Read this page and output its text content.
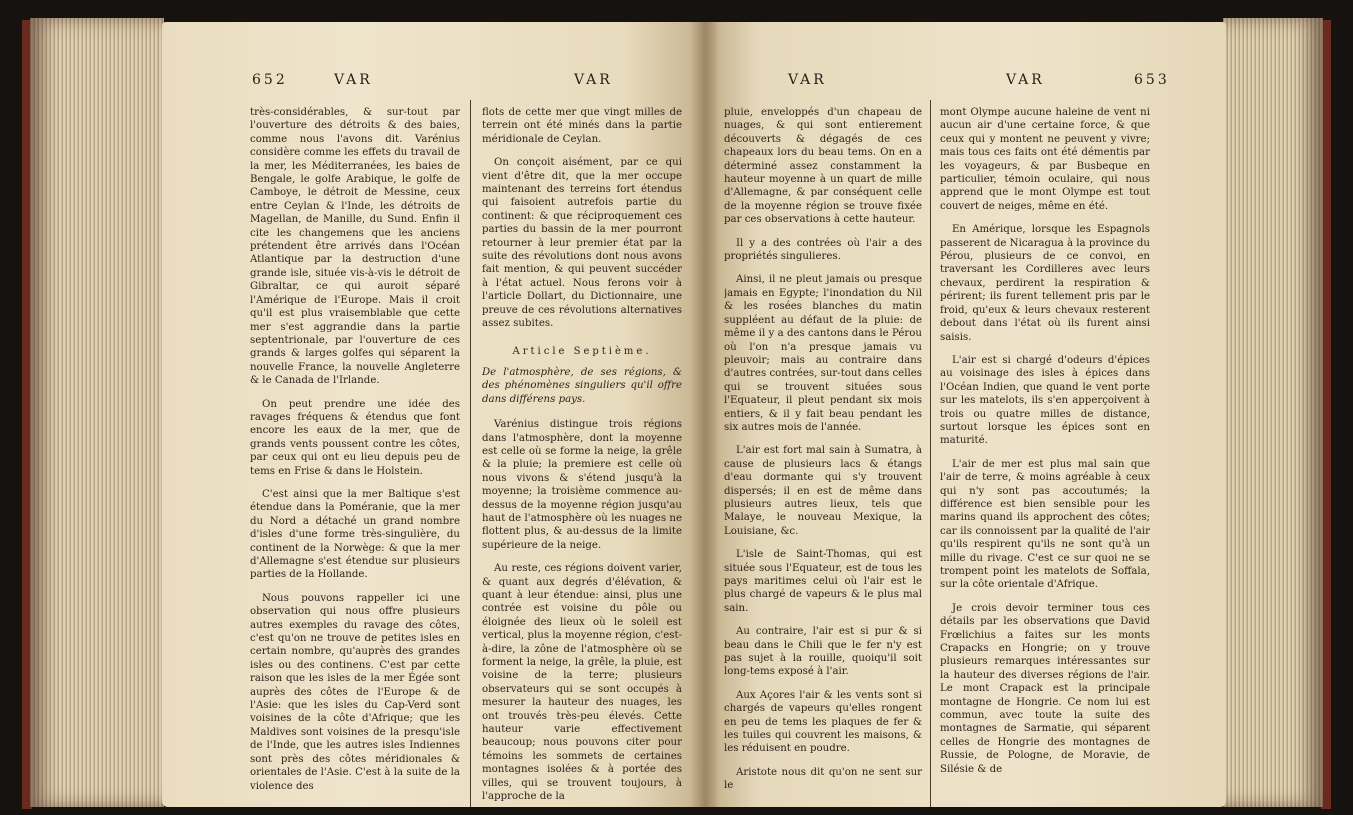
652	VAR	VAR

très-considérables, & sur-tout par l'ouverture des détroits & des baies, comme nous l'avons dit. Varénius considère comme les effets du travail de la mer, les Méditerranées, les baies de Bengale, le golfe Arabique, le golfe de Camboye, le détroit de Messine, ceux entre Ceylan & l'Inde, les détroits de Magellan, de Manille, du Sund. Enfin il cite les changemens que les anciens prétendent être arrivés dans l'Océan Atlantique par la destruction d'une grande isle, située vis-à-vis le détroit de Gibraltar, ce qui auroit séparé l'Amérique de l'Europe. Mais il croit qu'il est plus vraisemblable que cette mer s'est aggrandie dans la partie septentrionale, par l'ouverture de ces grands & larges golfes qui séparent la nouvelle France, la nouvelle Angleterre & le Canada de l'Irlande.

On peut prendre une idée des ravages fréquens & étendus que font encore les eaux de la mer, que de grands vents poussent contre les côtes, par ceux qui ont eu lieu depuis peu de tems en Frise & dans le Holstein.

C'est ainsi que la mer Baltique s'est étendue dans la Poméranie, que la mer du Nord a détaché un grand nombre d'isles d'une forme très-singulière, du continent de la Norwège: & que la mer d'Allemagne s'est étendue sur plusieurs parties de la Hollande.

Nous pouvons rappeller ici une observation qui nous offre plusieurs autres exemples du ravage des côtes, c'est qu'on ne trouve de petites isles en certain nombre, qu'auprès des grandes isles ou des continens. C'est par cette raison que les isles de la mer Égée sont auprès des côtes de l'Europe & de l'Asie: que les isles du Cap-Verd sont voisines de la côte d'Afrique; que les Maldives sont voisines de la presqu'isle de l'Inde, que les autres isles Indiennes sont près des côtes méridionales & orientales de l'Asie. C'est à la suite de la violence des

flots de cette mer que vingt milles de terrein ont été minés dans la partie méridionale de Ceylan.

On conçoit aisément, par ce qui vient d'être dit, que la mer occupe maintenant des terreins fort étendus qui faisoient autrefois partie du continent: & que réciproquement ces parties du bassin de la mer pourront retourner à leur premier état par la suite des révolutions dont nous avons fait mention, & qui peuvent succéder à l'état actuel. Nous ferons voir à l'article Dollart, du Dictionnaire, une preuve de ces révolutions alternatives assez subites.

Article Septième.

De l'atmosphère, de ses régions, & des phénomènes singuliers qu'il offre dans différens pays.

Varénius distingue trois régions dans l'atmosphère, dont la moyenne est celle où se forme la neige, la grêle & la pluie; la premiere est celle où nous vivons & s'étend jusqu'à la moyenne; la troisième commence au-dessus de la moyenne région jusqu'au haut de l'atmosphère où les nuages ne flottent plus, & au-dessus de la limite supérieure de la neige.

Au reste, ces régions doivent varier, & quant aux degrés d'élévation, & quant à leur étendue: ainsi, plus une contrée est voisine du pôle ou éloignée des lieux où le soleil est vertical, plus la moyenne région, c'est-à-dire, la zône de l'atmosphère où se forment la neige, la grêle, la pluie, est voisine de la terre; plusieurs observateurs qui se sont occupés à mesurer la hauteur des nuages, les ont trouvés très-peu élevés. Cette hauteur varie effectivement beaucoup; nous pouvons citer pour témoins les sommets de certaines montagnes isolées & à portée des villes, qui se trouvent toujours, à l'approche de la

VAR	VAR	653

pluie, enveloppés d'un chapeau de nuages, & qui sont entierement découverts & dégagés de ces chapeaux lors du beau tems. On en a déterminé assez constamment la hauteur moyenne à un quart de mille d'Allemagne, & par conséquent celle de la moyenne région se trouve fixée par ces observations à cette hauteur.

Il y a des contrées où l'air a des propriétés singulieres.

Ainsi, il ne pleut jamais ou presque jamais en Egypte; l'inondation du Nil & les rosées blanches du matin suppléent au défaut de la pluie: de même il y a des cantons dans le Pérou où l'on n'a presque jamais vu pleuvoir; mais au contraire dans d'autres contrées, sur-tout dans celles qui se trouvent situées sous l'Equateur, il pleut pendant six mois entiers, & il y fait beau pendant les six autres mois de l'année.

L'air est fort mal sain à Sumatra, à cause de plusieurs lacs & étangs d'eau dormante qui s'y trouvent dispersés; il en est de même dans plusieurs autres lieux, tels que Malaye, le nouveau Mexique, la Louisiane, &c.

L'isle de Saint-Thomas, qui est située sous l'Equateur, est de tous les pays maritimes celui où l'air est le plus chargé de vapeurs & le plus mal sain.

Au contraire, l'air est si pur & si beau dans le Chili que le fer n'y est pas sujet à la rouille, quoiqu'il soit long-tems exposé à l'air.

Aux Açores l'air & les vents sont si chargés de vapeurs qu'elles rongent en peu de tems les plaques de fer & les tuiles qui couvrent les maisons, & les réduisent en poudre.

Aristote nous dit qu'on ne sent sur le

mont Olympe aucune haleine de vent ni aucun air d'une certaine force, & que ceux qui y montent ne peuvent y vivre; mais tous ces faits ont été démentis par les voyageurs, & par Busbeque en particulier, témoin oculaire, qui nous apprend que le mont Olympe est tout couvert de neiges, même en été.

En Amérique, lorsque les Espagnols passerent de Nicaragua à la province du Pérou, plusieurs de ce convoi, en traversant les Cordilleres avec leurs chevaux, perdirent la respiration & périrent; ils furent tellement pris par le froid, qu'eux & leurs chevaux resterent debout dans l'état où ils furent ainsi saisis.

L'air est si chargé d'odeurs d'épices au voisinage des isles à épices dans l'Océan Indien, que quand le vent porte sur les matelots, ils s'en apperçoivent à trois ou quatre milles de distance, surtout lorsque les épices sont en maturité.

L'air de mer est plus mal sain que l'air de terre, & moins agréable à ceux qui n'y sont pas accoutumés; la différence est bien sensible pour les marins quand ils approchent des côtes; car ils connoissent par la qualité de l'air qu'ils respirent qu'ils ne sont qu'à un mille du rivage. C'est ce sur quoi ne se trompent point les matelots de Soffala, sur la côte orientale d'Afrique.

Je crois devoir terminer tous ces détails par les observations que David Frœlichius a faites sur les monts Crapacks en Hongrie; on y trouve plusieurs remarques intéressantes sur la hauteur des diverses régions de l'air. Le mont Crapack est la principale montagne de Hongrie. Ce nom lui est commun, avec toute la suite des montagnes de Sarmatie, qui séparent celles de Hongrie des montagnes de Russie, de Pologne, de Moravie, de Silésie & de
